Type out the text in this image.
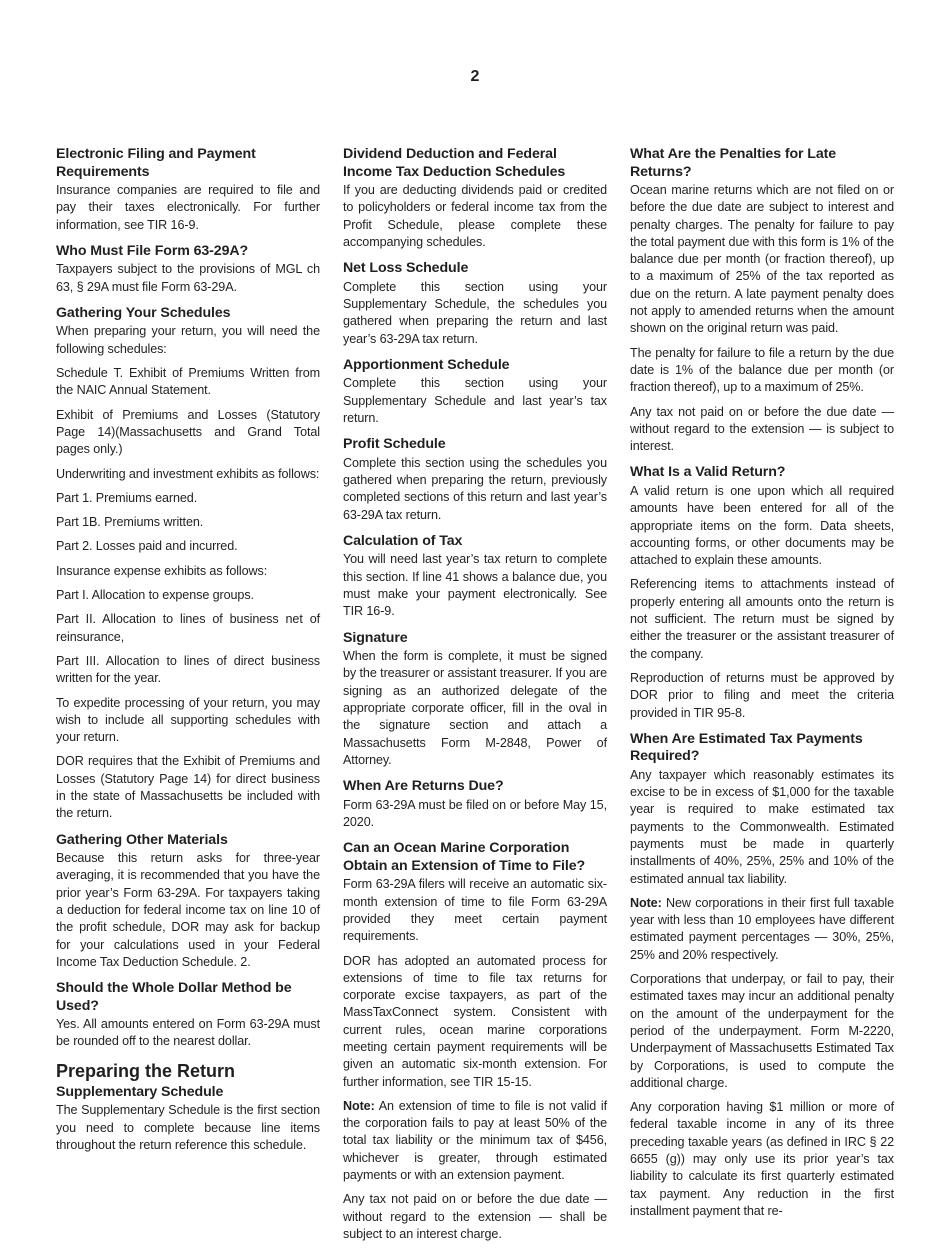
2
Electronic Filing and Payment Requirements

Insurance companies are required to file and pay their taxes electronically. For further information, see TIR 16-9.

Who Must File Form 63-29A?

Taxpayers subject to the provisions of MGL ch 63, § 29A must file Form 63-29A.

Gathering Your Schedules

When preparing your return, you will need the following schedules:

Schedule T. Exhibit of Premiums Written from the NAIC Annual Statement.

Exhibit of Premiums and Losses (Statutory Page 14)(Massachusetts and Grand Total pages only.)

Underwriting and investment exhibits as follows:

Part 1. Premiums earned.

Part 1B. Premiums written.

Part 2. Losses paid and incurred.

Insurance expense exhibits as follows:

Part I. Allocation to expense groups.

Part II. Allocation to lines of business net of reinsurance,

Part III. Allocation to lines of direct business written for the year.

To expedite processing of your return, you may wish to include all supporting schedules with your return.

DOR requires that the Exhibit of Premiums and Losses (Statutory Page 14) for direct business in the state of Massachusetts be included with the return.

Gathering Other Materials

Because this return asks for three-year averaging, it is recommended that you have the prior year’s Form 63-29A. For taxpayers taking a deduction for federal income tax on line 10 of the profit schedule, DOR may ask for backup for your calculations used in your Federal Income Tax Deduction Schedule. 2.

Should the Whole Dollar Method be Used?

Yes. All amounts entered on Form 63-29A must be rounded off to the nearest dollar.

Preparing the Return
Supplementary Schedule

The Supplementary Schedule is the first section you need to complete because line items throughout the return reference this schedule.

Dividend Deduction and Federal Income Tax Deduction Schedules

If you are deducting dividends paid or credited to policyholders or federal income tax from the Profit Schedule, please complete these accompanying schedules.

Net Loss Schedule

Complete this section using your Supplementary Schedule, the schedules you gathered when preparing the return and last year’s 63-29A tax return.

Apportionment Schedule

Complete this section using your Supplementary Schedule and last year’s tax return.

Profit Schedule

Complete this section using the schedules you gathered when preparing the return, previously completed sections of this return and last year’s 63-29A tax return.

Calculation of Tax

You will need last year’s tax return to complete this section. If line 41 shows a balance due, you must make your payment electronically. See TIR 16-9.

Signature

When the form is complete, it must be signed by the treasurer or assistant treasurer. If you are signing as an authorized delegate of the appropriate corporate officer, fill in the oval in the signature section and attach a Massachusetts Form M-2848, Power of Attorney.

When Are Returns Due?

Form 63-29A must be filed on or before May 15, 2020.

Can an Ocean Marine Corporation Obtain an Extension of Time to File?

Form 63-29A filers will receive an automatic six-month extension of time to file Form 63-29A provided they meet certain payment requirements.

DOR has adopted an automated process for extensions of time to file tax returns for corporate excise taxpayers, as part of the MassTaxConnect system. Consistent with current rules, ocean marine corporations meeting certain payment requirements will be given an automatic six-month extension. For further information, see TIR 15-15.

Note: An extension of time to file is not valid if the corporation fails to pay at least 50% of the total tax liability or the minimum tax of $456, whichever is greater, through estimated payments or with an extension payment.

Any tax not paid on or before the due date — without regard to the extension — shall be subject to an interest charge.

What Are the Penalties for Late Returns?

Ocean marine returns which are not filed on or before the due date are subject to interest and penalty charges. The penalty for failure to pay the total payment due with this form is 1% of the balance due per month (or fraction thereof), up to a maximum of 25% of the tax reported as due on the return. A late payment penalty does not apply to amended returns when the amount shown on the original return was paid.

The penalty for failure to file a return by the due date is 1% of the balance due per month (or fraction thereof), up to a maximum of 25%.

Any tax not paid on or before the due date — without regard to the extension — is subject to interest.

What Is a Valid Return?

A valid return is one upon which all required amounts have been entered for all of the appropriate items on the form. Data sheets, accounting forms, or other documents may be attached to explain these amounts.

Referencing items to attachments instead of properly entering all amounts onto the return is not sufficient. The return must be signed by either the treasurer or the assistant treasurer of the company.

Reproduction of returns must be approved by DOR prior to filing and meet the criteria provided in TIR 95-8.

When Are Estimated Tax Payments Required?

Any taxpayer which reasonably estimates its excise to be in excess of $1,000 for the taxable year is required to make estimated tax payments to the Commonwealth. Estimated payments must be made in quarterly installments of 40%, 25%, 25% and 10% of the estimated annual tax liability.

Note: New corporations in their first full taxable year with less than 10 employees have different estimated payment percentages — 30%, 25%, 25% and 20% respectively.

Corporations that underpay, or fail to pay, their estimated taxes may incur an additional penalty on the amount of the underpayment for the period of the underpayment. Form M-2220, Underpayment of Massachusetts Estimated Tax by Corporations, is used to compute the additional charge.

Any corporation having $1 million or more of federal taxable income in any of its three preceding taxable years (as defined in IRC § 22 6655 (g)) may only use its prior year’s tax liability to calculate its first quarterly estimated tax payment. Any reduction in the first installment payment that re-
